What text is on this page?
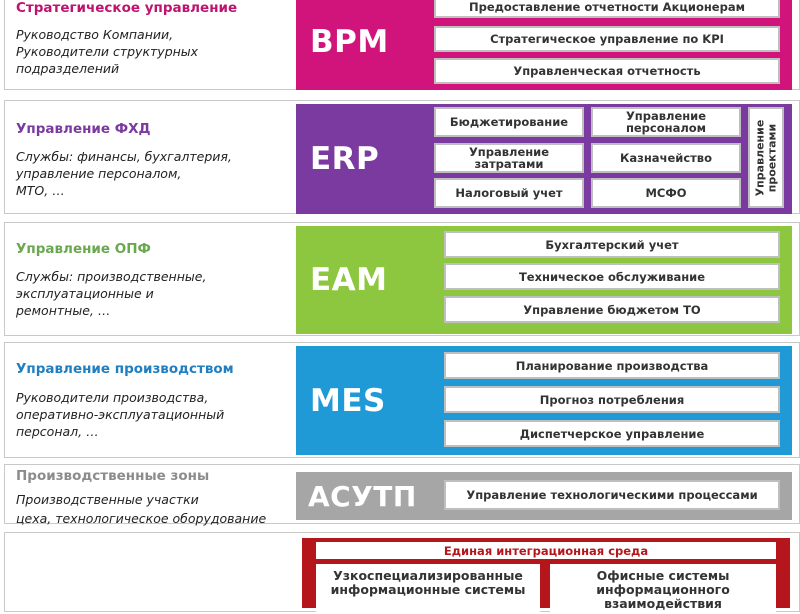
Стратегическое управление
Руководство Компании,
Руководители структурных
подразделений
BPM
Предоставление отчетности Акционерам
Стратегическое управление по KPI
Управленческая отчетность
Управление ФХД
Службы: финансы, бухгалтерия,
управление персоналом,
МТО, …
ERP
Бюджетирование	Управление персоналом
Управление затратами	Казначейство
Налоговый учет	МСФО	Управление проектами
Управление ОПФ
Службы: производственные,
эксплуатационные и
ремонтные, …
EAM
Бухгалтерский учет
Техническое обслуживание
Управление бюджетом ТО
Управление производством
Руководители производства,
оперативно-эксплуатационный
персонал, …
MES
Планирование производства
Прогноз потребления
Диспетчерское управление
Производственные зоны
Производственные участки
цеха, технологическое оборудование
АСУТП	Управление технологическими процессами
Единая интеграционная среда
Узкоспециализированные информационные системы
Офисные системы информационного взаимодействия
